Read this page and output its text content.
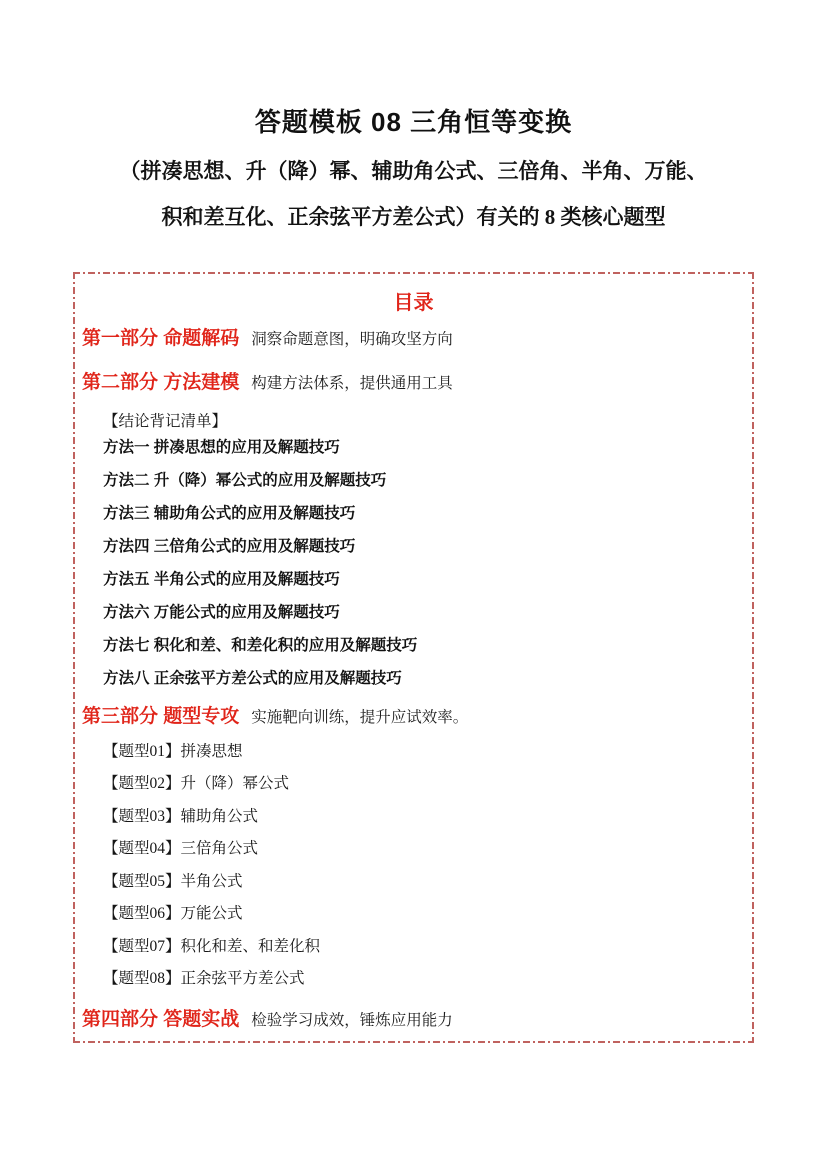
答题模板 08 三角恒等变换
（拼凑思想、升（降）幂、辅助角公式、三倍角、半角、万能、
积和差互化、正余弦平方差公式）有关的 8 类核心题型
目录
第一部分 命题解码 洞察命题意图，明确攻坚方向
第二部分 方法建模 构建方法体系，提供通用工具
【结论背记清单】
方法一 拼凑思想的应用及解题技巧
方法二 升（降）幂公式的应用及解题技巧
方法三 辅助角公式的应用及解题技巧
方法四 三倍角公式的应用及解题技巧
方法五 半角公式的应用及解题技巧
方法六 万能公式的应用及解题技巧
方法七 积化和差、和差化积的应用及解题技巧
方法八 正余弦平方差公式的应用及解题技巧
第三部分 题型专攻 实施靶向训练，提升应试效率。
【题型01】拼凑思想
【题型02】升（降）幂公式
【题型03】辅助角公式
【题型04】三倍角公式
【题型05】半角公式
【题型06】万能公式
【题型07】积化和差、和差化积
【题型08】正余弦平方差公式
第四部分 答题实战 检验学习成效，锤炼应用能力
